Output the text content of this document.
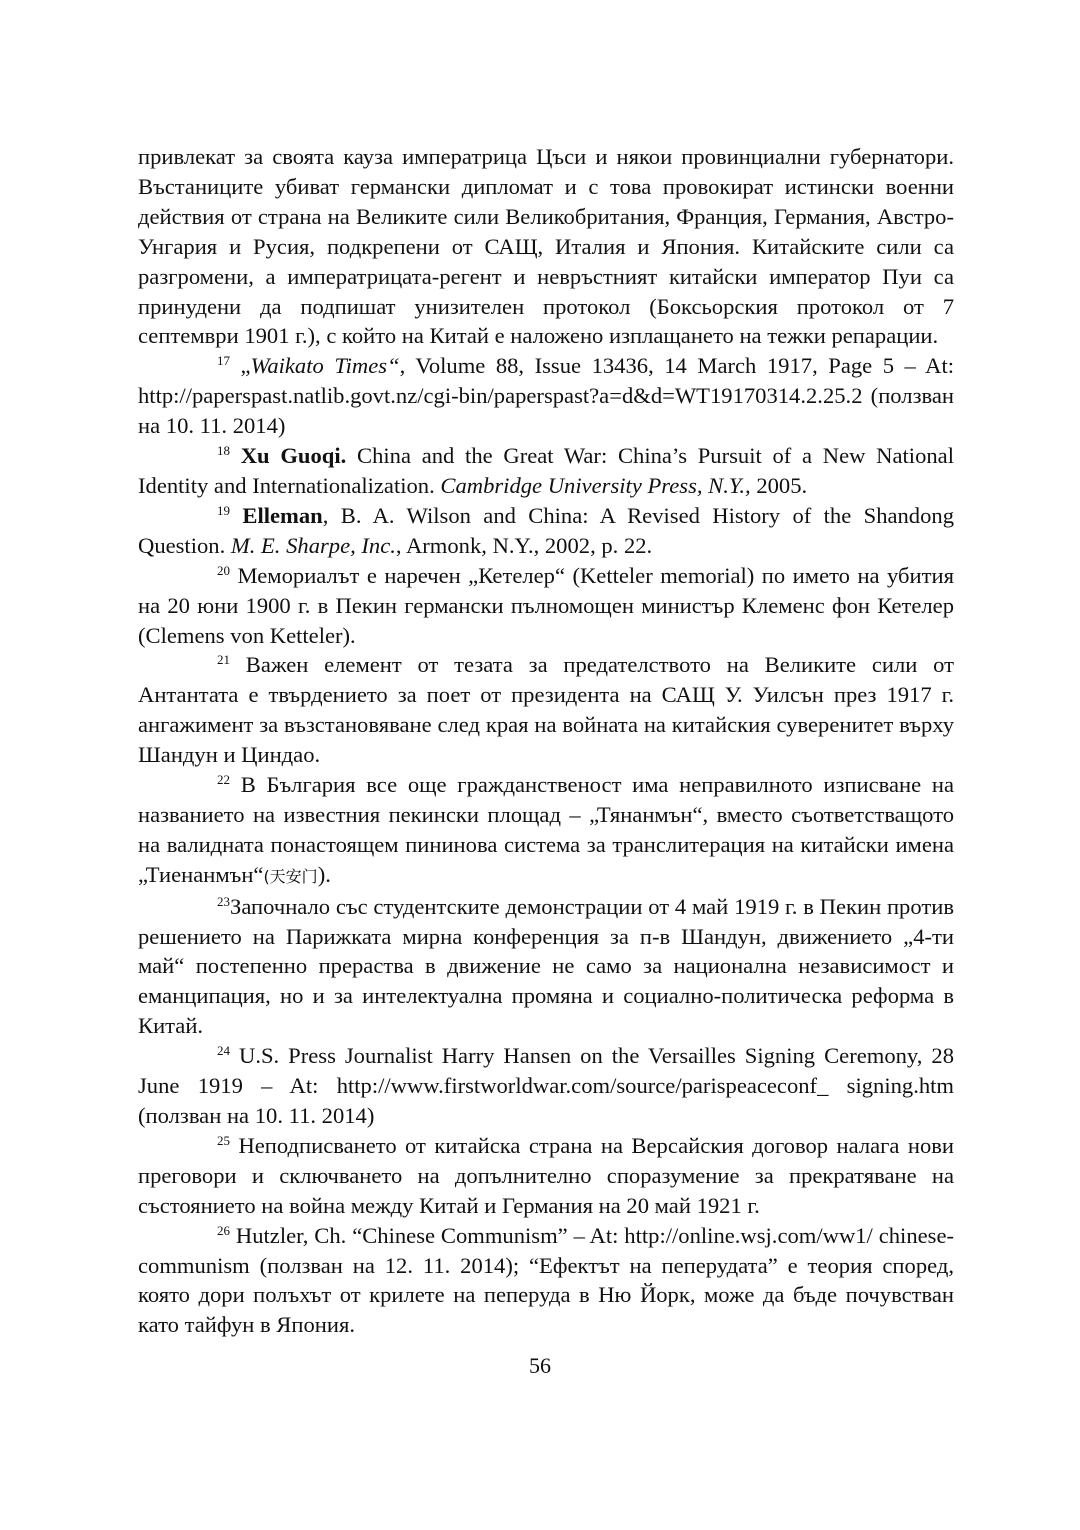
привлекат за своята кауза императрица Цъси и някои провинциални губернатори. Въстаниците убиват германски дипломат и с това провокират истински военни действия от страна на Великите сили Великобритания, Франция, Германия, Австро-Унгария и Русия, подкрепени от САЩ, Италия и Япония. Китайските сили са разгромени, а императрицата-регент и невръстният китайски император Пуи са принудени да подпишат унизителен протокол (Боксьорския протокол от 7 септември 1901 г.), с който на Китай е наложено изплащането на тежки репарации.

$^{17}$ „Waikato Times“, Volume 88, Issue 13436, 14 March 1917, Page 5 – At: http://paperspast.natlib.govt.nz/cgi-bin/paperspast?a=d&d=WT19170314.2.25.2 (ползван на 10. 11. 2014)

$^{18}$ Xu Guoqi. China and the Great War: China’s Pursuit of a New National Identity and Internationalization. Cambridge University Press, N.Y., 2005.

$^{19}$ Elleman, B. A. Wilson and China: A Revised History of the Shandong Question. M. E. Sharpe, Inc., Armonk, N.Y., 2002, p. 22.

$^{20}$ Мемориалът е наречен „Кетелер“ (Ketteler memorial) по името на убития на 20 юни 1900 г. в Пекин германски пълномощен министър Клеменс фон Кетелер (Clemens von Ketteler).

$^{21}$ Важен елемент от тезата за предателството на Великите сили от Антантата е твърдението за поет от президента на САЩ У. Уилсън през 1917 г. ангажимент за възстановяване след края на войната на китайския суверенитет върху Шандун и Циндао.

$^{22}$ В България все още гражданственост има неправилното изписване на названието на известния пекински площад – „Тянанмън“, вместо съответстващото на валидната понастоящем пининова система за транслитерация на китайски имена „Тиенанмън“(天安门).

$^{23}$Започнало със студентските демонстрации от 4 май 1919 г. в Пекин против решението на Парижката мирна конференция за п-в Шандун, движението „4-ти май“ постепенно прераства в движение не само за национална независимост и еманципация, но и за интелектуална промяна и социално-политическа реформа в Китай.

$^{24}$ U.S. Press Journalist Harry Hansen on the Versailles Signing Ceremony, 28 June 1919 – At: http://www.firstworldwar.com/source/parispeaceconf_ signing.htm (ползван на 10. 11. 2014)

$^{25}$ Неподписването от китайска страна на Версайския договор налага нови преговори и сключването на допълнително споразумение за прекратяване на състоянието на война между Китай и Германия на 20 май 1921 г.

$^{26}$ Hutzler, Ch. “Chinese Communism” – At: http://online.wsj.com/ww1/ chinese-communism (ползван на 12. 11. 2014); “Ефектът на пеперудата” е теория според, която дори полъхът от крилете на пеперуда в Ню Йорк, може да бъде почувстван като тайфун в Япония.

56
